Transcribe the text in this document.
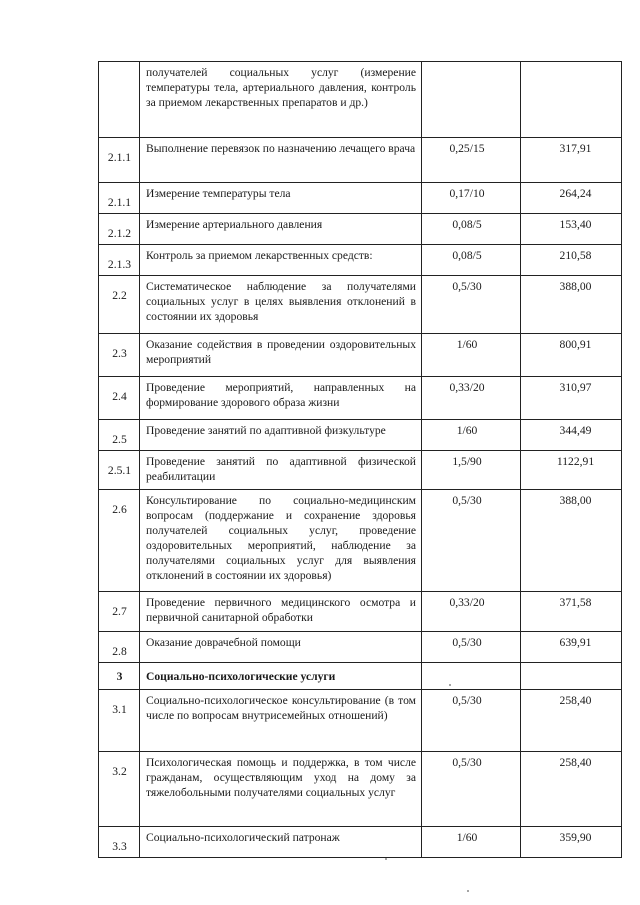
	получателей социальных услуг (измерение температуры тела, артериального давления, контроль за приемом лекарственных препаратов и др.)		
2.1.1	Выполнение перевязок по назначению лечащего врача	0,25/15	317,91
2.1.1	Измерение температуры тела	0,17/10	264,24
2.1.2	Измерение артериального давления	0,08/5	153,40
2.1.3	Контроль за приемом лекарственных средств:	0,08/5	210,58
2.2	Систематическое наблюдение за получателями социальных услуг в целях выявления отклонений в состоянии их здоровья	0,5/30	388,00
2.3	Оказание содействия в проведении оздоровительных мероприятий	1/60	800,91
2.4	Проведение мероприятий, направленных на формирование здорового образа жизни	0,33/20	310,97
2.5	Проведение занятий по адаптивной физкультуре	1/60	344,49
2.5.1	Проведение занятий по адаптивной физической реабилитации	1,5/90	1122,91
2.6	Консультирование по социально-медицинским вопросам (поддержание и сохранение здоровья получателей социальных услуг, проведение оздоровительных мероприятий, наблюдение за получателями социальных услуг для выявления отклонений в состоянии их здоровья)	0,5/30	388,00
2.7	Проведение первичного медицинского осмотра и первичной санитарной обработки	0,33/20	371,58
2.8	Оказание доврачебной помощи	0,5/30	639,91
3	Социально-психологические услуги		
3.1	Социально-психологическое консультирование (в том числе по вопросам внутрисемейных отношений)	0,5/30	258,40
3.2	Психологическая помощь и поддержка, в том числе гражданам, осуществляющим уход на дому за тяжелобольными получателями социальных услуг	0,5/30	258,40
3.3	Социально-психологический патронаж	1/60	359,90
